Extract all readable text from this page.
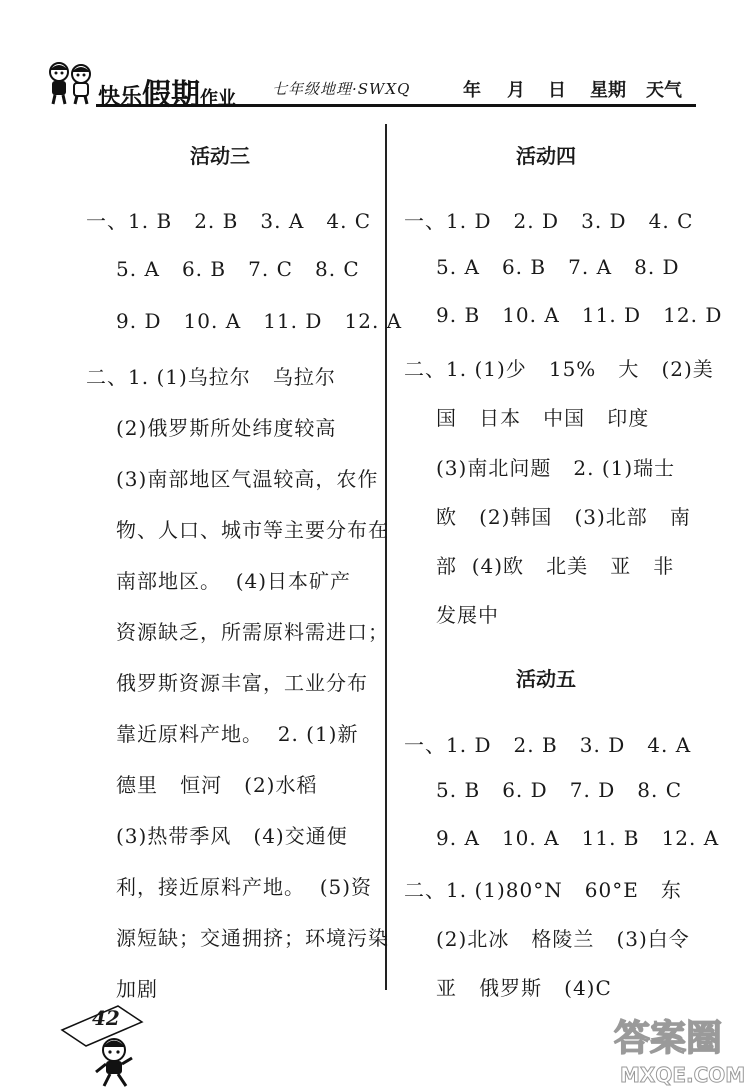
快乐假期作业 七年级地理·SWXQ	年 月 日 星期 天气
活动三
一、1. B   2. B   3. A   4. C
5. A   6. B   7. C   8. C
9. D   10. A   11. D   12. A
二、1. (1)乌拉尔   乌拉尔
(2)俄罗斯所处纬度较高
(3)南部地区气温较高，农作
物、人口、城市等主要分布在
南部地区。  (4)日本矿产
资源缺乏，所需原料需进口；
俄罗斯资源丰富，工业分布
靠近原料产地。  2. (1)新
德里   恒河   (2)水稻
(3)热带季风   (4)交通便
利，接近原料产地。  (5)资
源短缺；交通拥挤；环境污染
加剧
活动四
一、1. D   2. D   3. D   4. C
5. A   6. B   7. A   8. D
9. B   10. A   11. D   12. D
二、1. (1)少   15%   大   (2)美
国   日本   中国   印度
(3)南北问题   2. (1)瑞士
欧   (2)韩国   (3)北部   南
部  (4)欧   北美   亚   非
发展中
活动五
一、1. D   2. B   3. D   4. A
5. B   6. D   7. D   8. C
9. A   10. A   11. B   12. A
二、1. (1)80°N   60°E   东
(2)北冰   格陵兰   (3)白令
亚   俄罗斯   (4)C
42	答案圈
MXQE.COM
